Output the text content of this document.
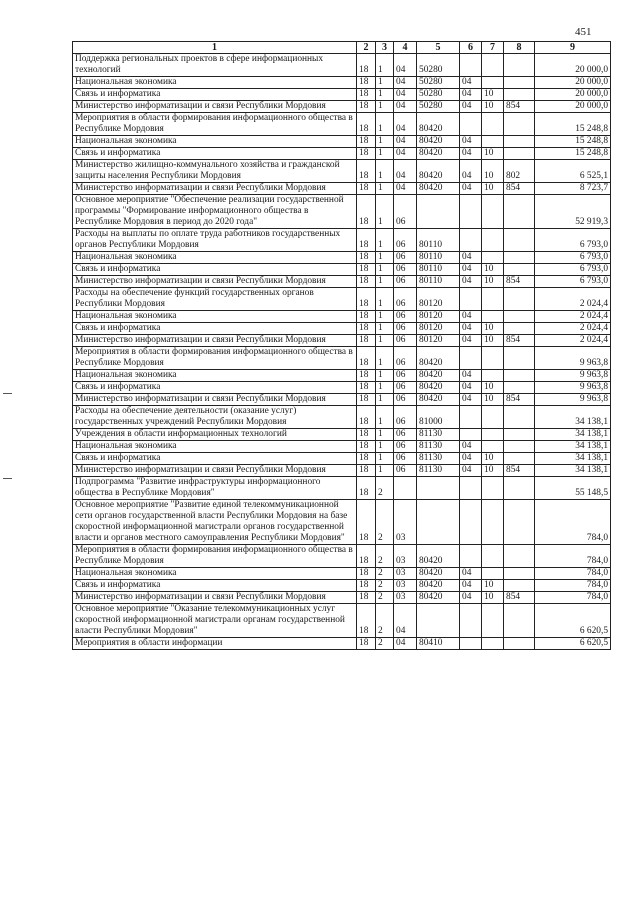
451
1	2	3	4	5	6	7	8	9
Поддержка региональных проектов в сфере информационных технологий	18	1	04	50280				20 000,0
Национальная экономика	18	1	04	50280	04			20 000,0
Связь и информатика	18	1	04	50280	04	10		20 000,0
Министерство информатизации и связи Республики Мордовия	18	1	04	50280	04	10	854	20 000,0
Мероприятия в области формирования информационного общества в Республике Мордовия	18	1	04	80420				15 248,8
Национальная экономика	18	1	04	80420	04			15 248,8
Связь и информатика	18	1	04	80420	04	10		15 248,8
Министерство жилищно-коммунального хозяйства и гражданской защиты населения Республики Мордовия	18	1	04	80420	04	10	802	6 525,1
Министерство информатизации и связи Республики Мордовия	18	1	04	80420	04	10	854	8 723,7
Основное мероприятие "Обеспечение реализации государственной программы "Формирование информационного общества в Республике Мордовия в период до 2020 года"	18	1	06					52 919,3
Расходы на выплаты по оплате труда работников государственных органов Республики Мордовия	18	1	06	80110				6 793,0
Национальная экономика	18	1	06	80110	04			6 793,0
Связь и информатика	18	1	06	80110	04	10		6 793,0
Министерство информатизации и связи Республики Мордовия	18	1	06	80110	04	10	854	6 793,0
Расходы на обеспечение функций государственных органов Республики Мордовия	18	1	06	80120				2 024,4
Национальная экономика	18	1	06	80120	04			2 024,4
Связь и информатика	18	1	06	80120	04	10		2 024,4
Министерство информатизации и связи Республики Мордовия	18	1	06	80120	04	10	854	2 024,4
Мероприятия в области формирования информационного общества в Республике Мордовия	18	1	06	80420				9 963,8
Национальная экономика	18	1	06	80420	04			9 963,8
Связь и информатика	18	1	06	80420	04	10		9 963,8
Министерство информатизации и связи Республики Мордовия	18	1	06	80420	04	10	854	9 963,8
Расходы на обеспечение деятельности (оказание услуг) государственных учреждений Республики Мордовия	18	1	06	81000				34 138,1
Учреждения в области информационных технологий	18	1	06	81130				34 138,1
Национальная экономика	18	1	06	81130	04			34 138,1
Связь и информатика	18	1	06	81130	04	10		34 138,1
Министерство информатизации и связи Республики Мордовия	18	1	06	81130	04	10	854	34 138,1
Подпрограмма "Развитие инфраструктуры информационного общества в Республике Мордовия"	18	2						55 148,5
Основное мероприятие "Развитие единой телекоммуникационной сети органов государственной власти Республики Мордовия на базе скоростной информационной магистрали органов государственной власти и органов местного самоуправления Республики Мордовия"	18	2	03					784,0
Мероприятия в области формирования информационного общества в Республике Мордовия	18	2	03	80420				784,0
Национальная экономика	18	2	03	80420	04			784,0
Связь и информатика	18	2	03	80420	04	10		784,0
Министерство информатизации и связи Республики Мордовия	18	2	03	80420	04	10	854	784,0
Основное мероприятие "Оказание телекоммуникационных услуг скоростной информационной магистрали органам государственной власти Республики Мордовия"	18	2	04					6 620,5
Мероприятия в области информации	18	2	04	80410				6 620,5
